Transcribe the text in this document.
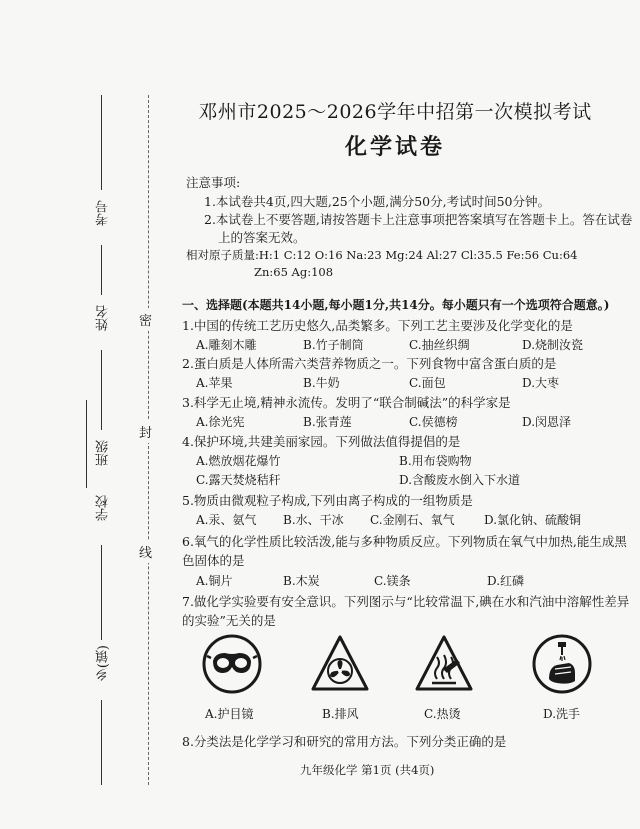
密
封
线
考号
姓名
班级
学校
乡(镇)
邓州市2025～2026学年中招第一次模拟考试
化学试卷
注意事项:
1.本试卷共4页,四大题,25个小题,满分50分,考试时间50分钟。
2.本试卷上不要答题,请按答题卡上注意事项把答案填写在答题卡上。答在试卷
上的答案无效。
相对原子质量:H:1 C:12 O:16 Na:23 Mg:24 Al:27 Cl:35.5 Fe:56 Cu:64
Zn:65 Ag:108
一、选择题(本题共14小题,每小题1分,共14分。每小题只有一个选项符合题意。)
1.中国的传统工艺历史悠久,品类繁多。下列工艺主要涉及化学变化的是
A.雕刻木雕	B.竹子制筒	C.抽丝织绸	D.烧制汝瓷
2.蛋白质是人体所需六类营养物质之一。下列食物中富含蛋白质的是
A.苹果	B.牛奶	C.面包	D.大枣
3.科学无止境,精神永流传。发明了“联合制碱法”的科学家是
A.徐光宪	B.张青莲	C.侯德榜	D.闵恩泽
4.保护环境,共建美丽家园。下列做法值得提倡的是
A.燃放烟花爆竹	B.用布袋购物
C.露天焚烧秸秆	D.含酸废水倒入下水道
5.物质由微观粒子构成,下列由离子构成的一组物质是
A.汞、氨气 B.水、干冰 C.金刚石、氧气 D.氯化钠、硫酸铜
6.氧气的化学性质比较活泼,能与多种物质反应。下列物质在氧气中加热,能生成黑
色固体的是
A.铜片	B.木炭	C.镁条	D.红磷
7.做化学实验要有安全意识。下列图示与“比较常温下,碘在水和汽油中溶解性差异
的实验”无关的是
A.护目镜	B.排风	C.热烫	D.洗手
8.分类法是化学学习和研究的常用方法。下列分类正确的是
九年级化学 第1页 (共4页)
